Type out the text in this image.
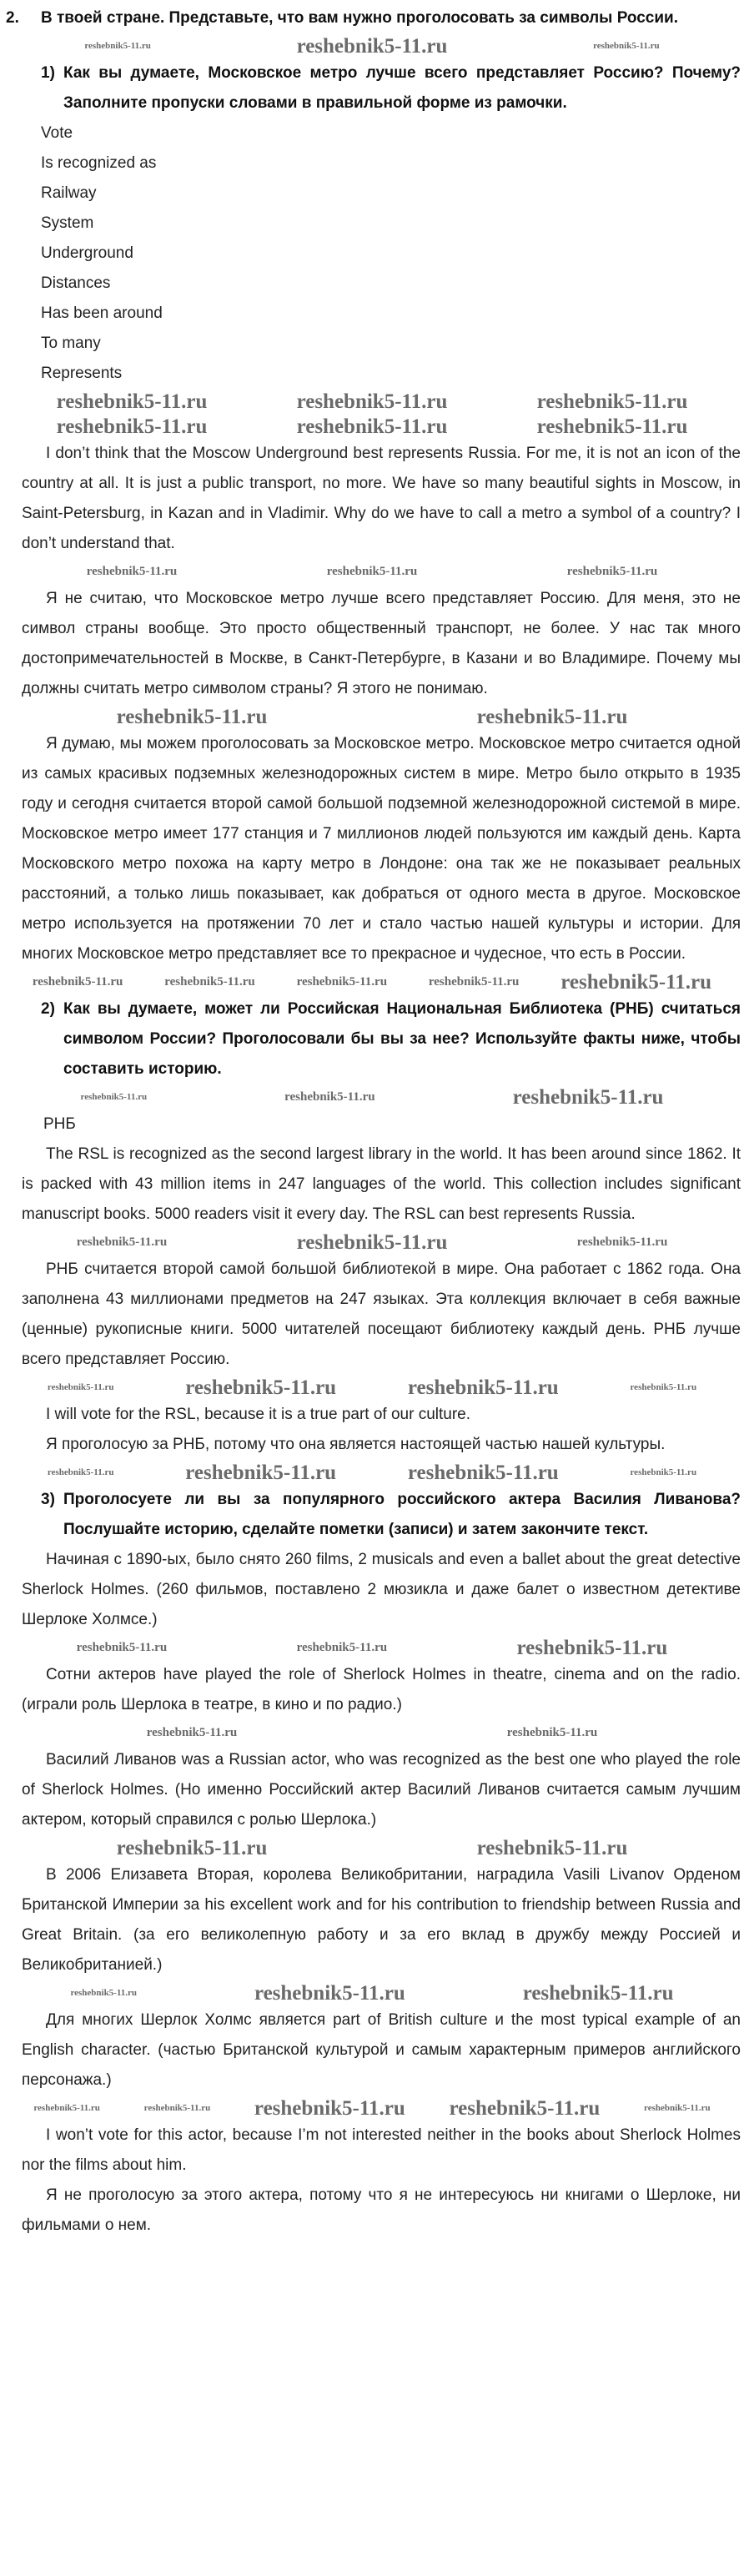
2. В твоей стране. Представьте, что вам нужно проголосовать за символы России.
reshebnik5-11.ru	reshebnik5-11.ru	reshebnik5-11.ru
1) Как вы думаете, Московское метро лучше всего представляет Россию? Почему? Заполните пропуски словами в правильной форме из рамочки.
Vote
Is recognized as
Railway
System
Underground
Distances
Has been around
To many
Represents
reshebnik5-11.ru	reshebnik5-11.ru	reshebnik5-11.ru
reshebnik5-11.ru	reshebnik5-11.ru	reshebnik5-11.ru
I don’t think that the Moscow Underground best represents Russia. For me, it is not an icon of the country at all. It is just a public transport, no more. We have so many beautiful sights in Moscow, in Saint-Petersburg, in Kazan and in Vladimir. Why do we have to call a metro a symbol of a country? I don’t understand that.
reshebnik5-11.ru	reshebnik5-11.ru	reshebnik5-11.ru
Я не считаю, что Московское метро лучше всего представляет Россию. Для меня, это не символ страны вообще. Это просто общественный транспорт, не более. У нас так много достопримечательностей в Москве, в Санкт-Петербурге, в Казани и во Владимире. Почему мы должны считать метро символом страны? Я этого не понимаю.
reshebnik5-11.ru	reshebnik5-11.ru
Я думаю, мы можем проголосовать за Московское метро. Московское метро считается одной из самых красивых подземных железнодорожных систем в мире. Метро было открыто в 1935 году и сегодня считается второй самой большой подземной железнодорожной системой в мире. Московское метро имеет 177 станция и 7 миллионов людей пользуются им каждый день. Карта Московского метро похожа на карту метро в Лондоне: она так же не показывает реальных расстояний, а только лишь показывает, как добраться от одного места в другое. Московское метро используется на протяжении 70 лет и стало частью нашей культуры и истории. Для многих Московское метро представляет все то прекрасное и чудесное, что есть в России.
reshebnik5-11.ru	reshebnik5-11.ru	reshebnik5-11.ru	reshebnik5-11.ru reshebnik5-11.ru
2) Как вы думаете, может ли Российская Национальная Библиотека (РНБ) считаться символом России? Проголосовали бы вы за нее? Используйте факты ниже, чтобы составить историю.
reshebnik5-11.ru	reshebnik5-11.ru	reshebnik5-11.ru
РНБ
The RSL is recognized as the second largest library in the world. It has been around since 1862. It is packed with 43 million items in 247 languages of the world. This collection includes significant manuscript books. 5000 readers visit it every day. The RSL can best represents Russia.
reshebnik5-11.ru	reshebnik5-11.ru	reshebnik5-11.ru
РНБ считается второй самой большой библиотекой в мире. Она работает с 1862 года. Она заполнена 43 миллионами предметов на 247 языках. Эта коллекция включает в себя важные (ценные) рукописные книги. 5000 читателей посещают библиотеку каждый день. РНБ лучше всего представляет Россию.
reshebnik5-11.ru	reshebnik5-11.ru	reshebnik5-11.ru	reshebnik5-11.ru
I will vote for the RSL, because it is a true part of our culture.
Я проголосую за РНБ, потому что она является настоящей частью нашей культуры.
reshebnik5-11.ru	reshebnik5-11.ru	reshebnik5-11.ru	reshebnik5-11.ru
3) Проголосуете ли вы за популярного российского актера Василия Ливанова? Послушайте историю, сделайте пометки (записи) и затем закончите текст.
Начиная с 1890-ых, было снято 260 films, 2 musicals and even a ballet about the great detective Sherlock Holmes. (260 фильмов, поставлено 2 мюзикла и даже балет о известном детективе Шерлоке Холмсе.)
reshebnik5-11.ru	reshebnik5-11.ru	reshebnik5-11.ru
Сотни актеров have played the role of Sherlock Holmes in theatre, cinema and on the radio. (играли роль Шерлока в театре, в кино и по радио.)
reshebnik5-11.ru	reshebnik5-11.ru
Василий Ливанов was a Russian actor, who was recognized as the best one who played the role of Sherlock Holmes. (Но именно Российский актер Василий Ливанов считается самым лучшим актером, который справился с ролью Шерлока.)
reshebnik5-11.ru	reshebnik5-11.ru
В 2006 Елизавета Вторая, королева Великобритании, наградила Vasili Livanov Орденом Британской Империи за his excellent work and for his contribution to friendship between Russia and Great Britain. (за его великолепную работу и за его вклад в дружбу между Россией и Великобританией.)
reshebnik5-11.ru	reshebnik5-11.ru	reshebnik5-11.ru
Для многих Шерлок Холмс является part of British culture и the most typical example of an English character. (частью Британской культурой и самым характерным примеров английского персонажа.)
reshebnik5-11.ru	reshebnik5-11.ru reshebnik5-11.ru reshebnik5-11.ru	reshebnik5-11.ru
I won’t vote for this actor, because I’m not interested neither in the books about Sherlock Holmes nor the films about him.
Я не проголосую за этого актера, потому что я не интересуюсь ни книгами о Шерлоке, ни фильмами о нем.
